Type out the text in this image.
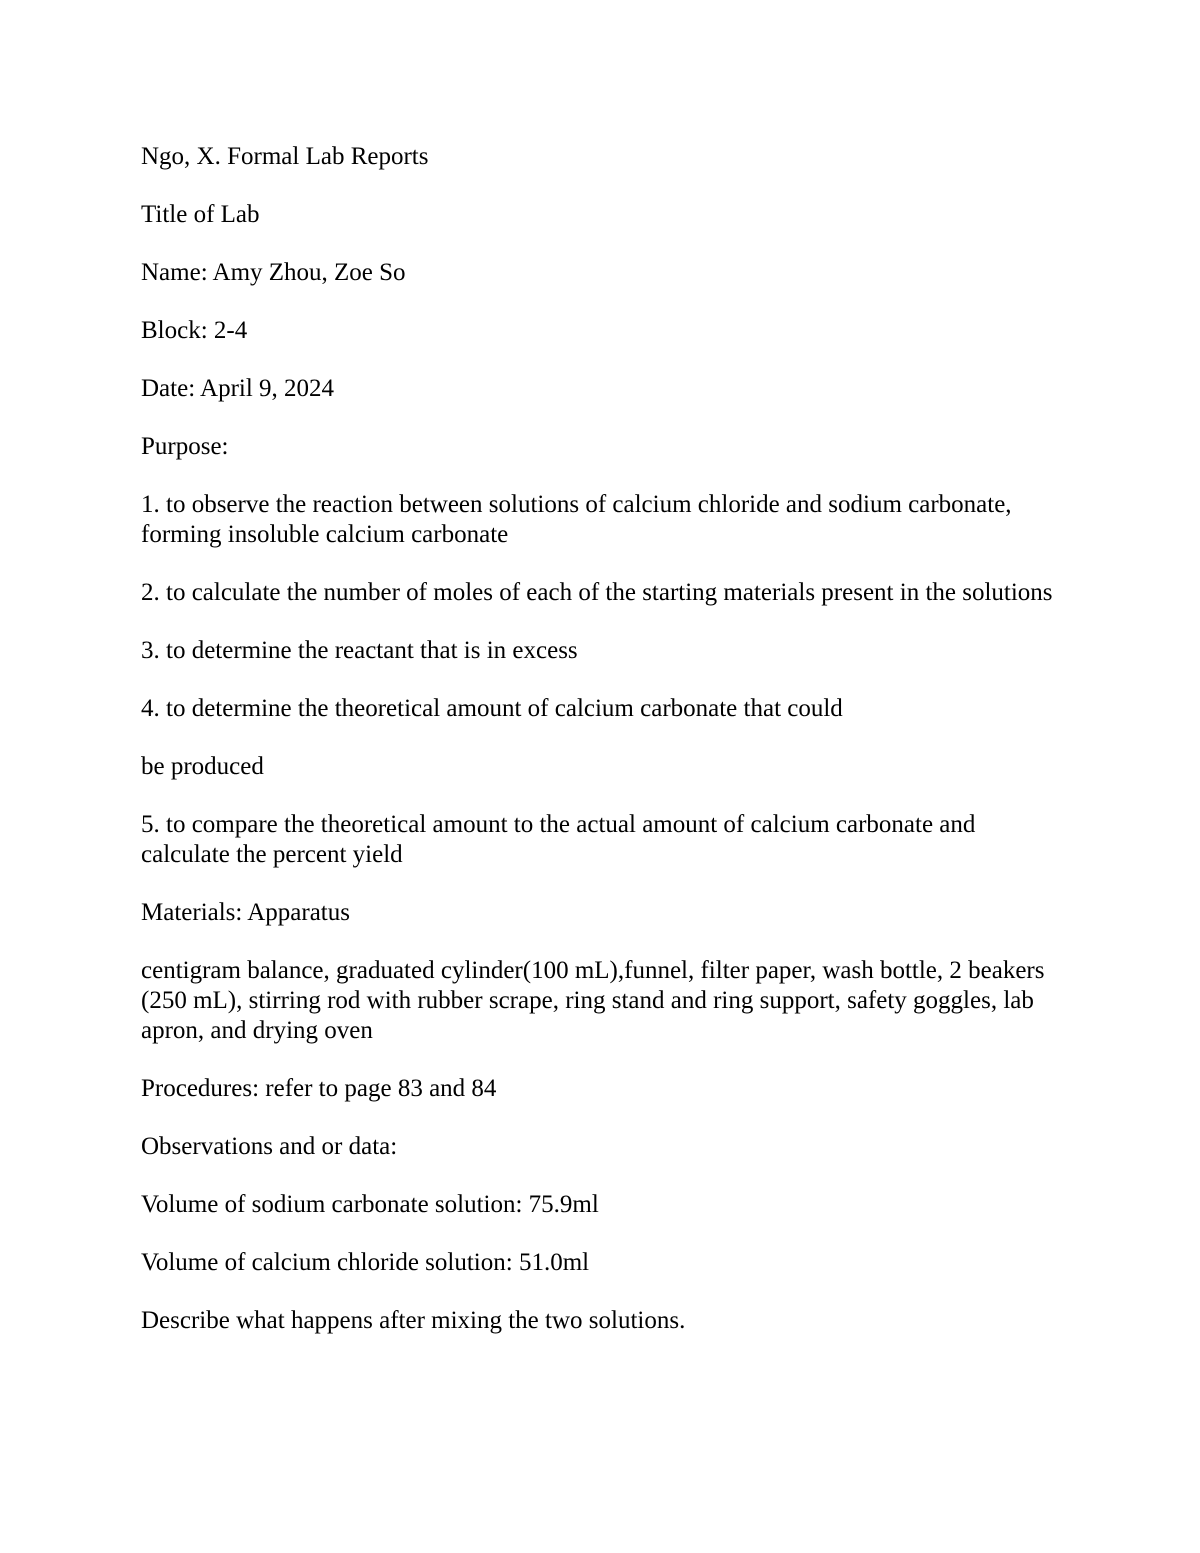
Ngo, X. Formal Lab Reports

Title of Lab

Name: Amy Zhou, Zoe So

Block: 2-4

Date: April 9, 2024

Purpose:

1. to observe the reaction between solutions of calcium chloride and sodium carbonate, forming insoluble calcium carbonate

2. to calculate the number of moles of each of the starting materials present in the solutions

3. to determine the reactant that is in excess

4. to determine the theoretical amount of calcium carbonate that could

be produced

5. to compare the theoretical amount to the actual amount of calcium carbonate and calculate the percent yield

Materials: Apparatus

centigram balance, graduated cylinder(100 mL),funnel, filter paper, wash bottle, 2 beakers (250 mL), stirring rod with rubber scrape, ring stand and ring support, safety goggles, lab apron, and drying oven

Procedures: refer to page 83 and 84

Observations and or data:

Volume of sodium carbonate solution: 75.9ml

Volume of calcium chloride solution: 51.0ml

Describe what happens after mixing the two solutions.
